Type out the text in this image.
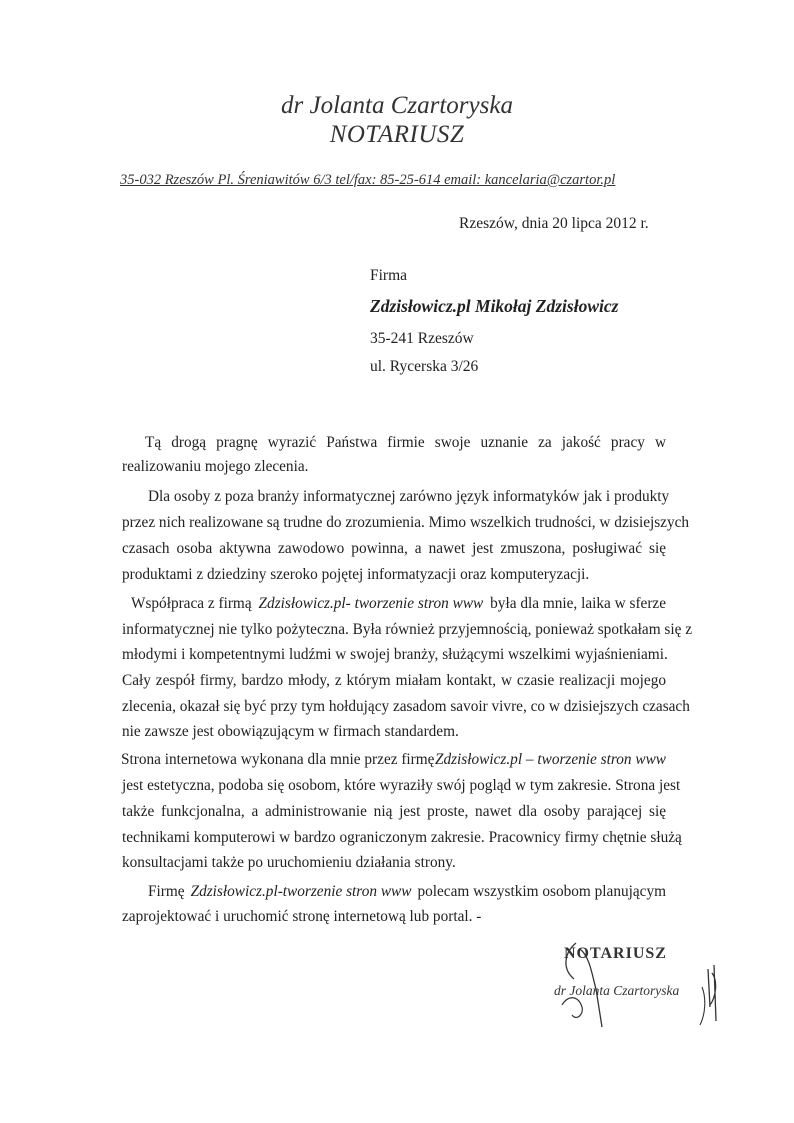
dr Jolanta Czartoryska
NOTARIUSZ
35-032 Rzeszów Pl. Śreniawitów 6/3 tel/fax: 85-25-614 email: kancelaria@czartor.pl
Rzeszów, dnia 20 lipca 2012 r.
Firma
Zdzisłowicz.pl Mikołaj Zdzisłowicz
35-241 Rzeszów
ul. Rycerska 3/26
Tą drogą pragnę wyrazić Państwa firmie swoje uznanie za jakość pracy w
realizowaniu mojego zlecenia.
Dla osoby z poza branży informatycznej zarówno język informatyków jak i produkty
przez nich realizowane są trudne do zrozumienia. Mimo wszelkich trudności, w dzisiejszych
czasach osoba aktywna zawodowo powinna, a nawet jest zmuszona, posługiwać się
produktami z dziedziny szeroko pojętej informatyzacji oraz komputeryzacji.
Współpraca z firmą Zdzisłowicz.pl- tworzenie stron www była dla mnie, laika w sferze
informatycznej nie tylko pożyteczna. Była również przyjemnością, ponieważ spotkałam się z
młodymi i kompetentnymi ludźmi w swojej branży, służącymi wszelkimi wyjaśnieniami.
Cały zespół firmy, bardzo młody, z którym miałam kontakt, w czasie realizacji mojego
zlecenia, okazał się być przy tym hołdujący zasadom savoir vivre, co w dzisiejszych czasach
nie zawsze jest obowiązującym w firmach standardem.
Strona internetowa wykonana dla mnie przez firmę Zdzisłowicz.pl – tworzenie stron www
jest estetyczna, podoba się osobom, które wyraziły swój pogląd w tym zakresie. Strona jest
także funkcjonalna, a administrowanie nią jest proste, nawet dla osoby parającej się
technikami komputerowi w bardzo ograniczonym zakresie. Pracownicy firmy chętnie służą
konsultacjami także po uruchomieniu działania strony.
Firmę Zdzisłowicz.pl-tworzenie stron www polecam wszystkim osobom planującym
zaprojektować i uruchomić stronę internetową lub portal. -
NOTARIUSZ
dr Jolanta Czartoryska
